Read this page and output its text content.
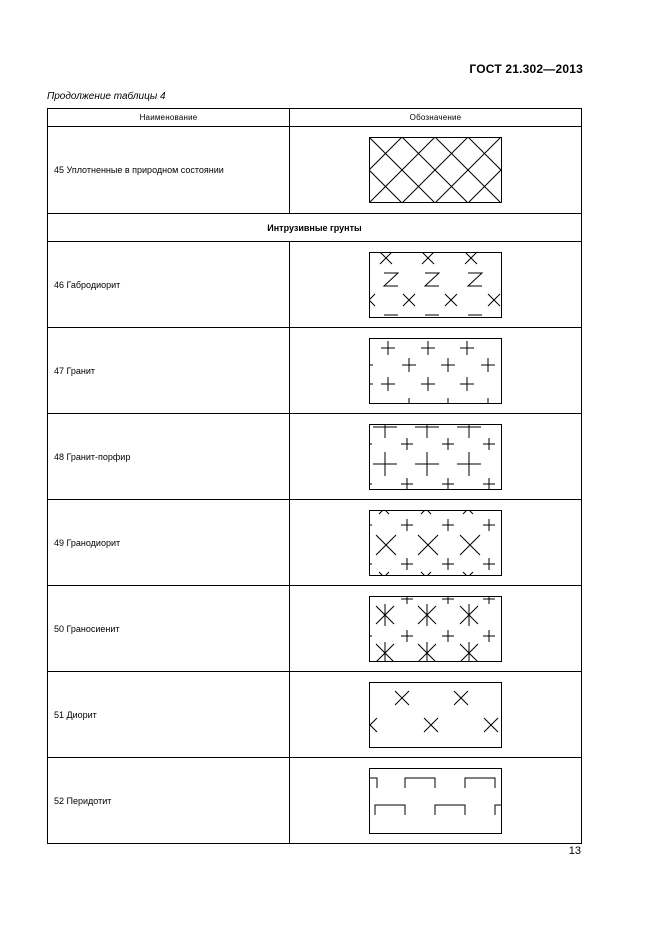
ГОСТ 21.302—2013
Продолжение таблицы 4
Наименование	Обозначение
45 Уплотненные в природном состоянии	

Интрузивные грунты	
46 Габродиорит	

47 Гранит	

48 Гранит-порфир	

49 Гранодиорит	

50 Граносиенит	

51 Диорит	

52 Перидотит	
13
